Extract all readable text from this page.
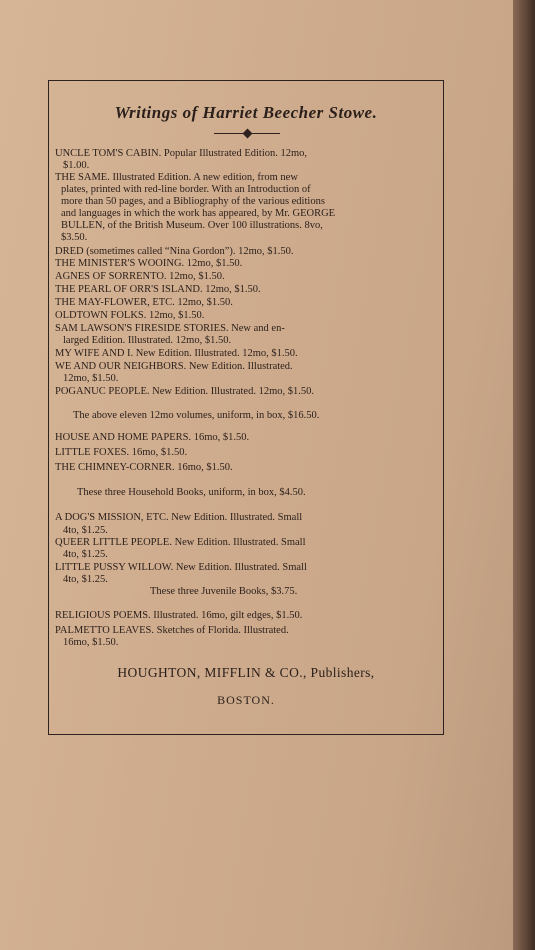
Writings of Harriet Beecher Stowe.
UNCLE TOM'S CABIN. Popular Illustrated Edition. 12mo,
$1.00.
THE SAME. Illustrated Edition. A new edition, from new
plates, printed with red-line border. With an Introduction of
more than 50 pages, and a Bibliography of the various editions
and languages in which the work has appeared, by Mr. GEORGE
BULLEN, of the British Museum. Over 100 illustrations. 8vo,
$3.50.
DRED (sometimes called “Nina Gordon”). 12mo, $1.50.
THE MINISTER'S WOOING. 12mo, $1.50.
AGNES OF SORRENTO. 12mo, $1.50.
THE PEARL OF ORR'S ISLAND. 12mo, $1.50.
THE MAY-FLOWER, ETC. 12mo, $1.50.
OLDTOWN FOLKS. 12mo, $1.50.
SAM LAWSON'S FIRESIDE STORIES. New and en-
larged Edition. Illustrated. 12mo, $1.50.
MY WIFE AND I. New Edition. Illustrated. 12mo, $1.50.
WE AND OUR NEIGHBORS. New Edition. Illustrated.
12mo, $1.50.
POGANUC PEOPLE. New Edition. Illustrated. 12mo, $1.50.
The above eleven 12mo volumes, uniform, in box, $16.50.
HOUSE AND HOME PAPERS. 16mo, $1.50.
LITTLE FOXES. 16mo, $1.50.
THE CHIMNEY-CORNER. 16mo, $1.50.
These three Household Books, uniform, in box, $4.50.
A DOG'S MISSION, ETC. New Edition. Illustrated. Small
4to, $1.25.
QUEER LITTLE PEOPLE. New Edition. Illustrated. Small
4to, $1.25.
LITTLE PUSSY WILLOW. New Edition. Illustrated. Small
4to, $1.25.
These three Juvenile Books, $3.75.
RELIGIOUS POEMS. Illustrated. 16mo, gilt edges, $1.50.
PALMETTO LEAVES. Sketches of Florida. Illustrated.
16mo, $1.50.
HOUGHTON, MIFFLIN & CO., Publishers,
BOSTON.
